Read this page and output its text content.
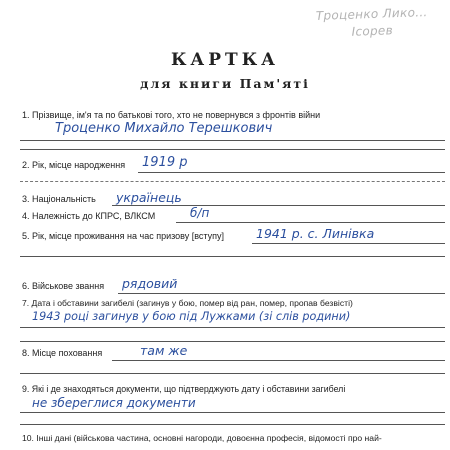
Троценко Лико...
Ісорев
КАРТКА
для книги Пам'яті
1. Прізвище, ім'я та по батькові того, хто не повернувся з фронтів війни
Троценко Михайло Терешкович
2. Рік, місце народження 1919 р
3. Національність українець
4. Належність до КПРС, ВЛКСМ	б/п
5. Рік, місце проживання на час призову [вступу]	1941 р. с. Линівка
6. Військове звання рядовий
7. Дата і обставини загибелі (загинув у бою, помер від ран, помер, пропав безвісті)
1943 році загинув у бою під Лужками (зі слів родини)
8. Місце поховання	там же
9. Які і де знаходяться документи, що підтверджують дату і обставини загибелі
не збереглися документи
10. Інші дані (військова частина, основні нагороди, довоєнна професія, відомості про най-
